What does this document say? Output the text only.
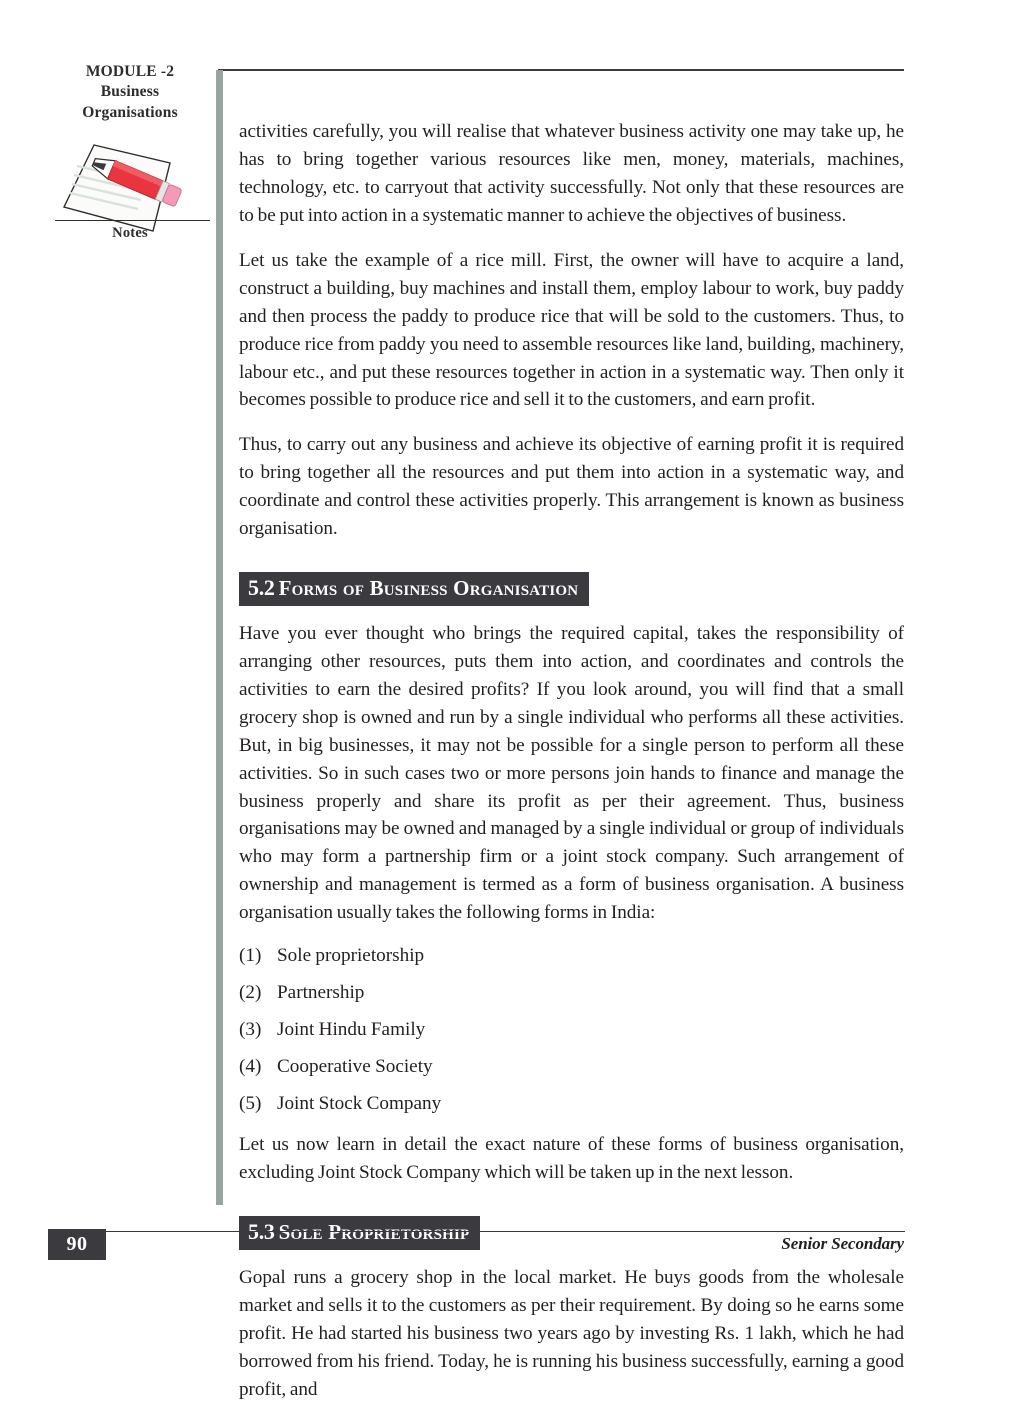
MODULE -2
Business
Organisations
Notes

activities carefully, you will realise that whatever business activity one may take up, he has to bring together various resources like men, money, materials, machines, technology, etc. to carryout that activity successfully. Not only that these resources are to be put into action in a systematic manner to achieve the objectives of business.

Let us take the example of a rice mill. First, the owner will have to acquire a land, construct a building, buy machines and install them, employ labour to work, buy paddy and then process the paddy to produce rice that will be sold to the customers. Thus, to produce rice from paddy you need to assemble resources like land, building, machinery, labour etc., and put these resources together in action in a systematic way. Then only it becomes possible to produce rice and sell it to the customers, and earn profit.

Thus, to carry out any business and achieve its objective of earning profit it is required to bring together all the resources and put them into action in a systematic way, and coordinate and control these activities properly. This arrangement is known as business organisation.

5.2 Forms of Business Organisation

Have you ever thought who brings the required capital, takes the responsibility of arranging other resources, puts them into action, and coordinates and controls the activities to earn the desired profits? If you look around, you will find that a small grocery shop is owned and run by a single individual who performs all these activities. But, in big businesses, it may not be possible for a single person to perform all these activities. So in such cases two or more persons join hands to finance and manage the business properly and share its profit as per their agreement. Thus, business organisations may be owned and managed by a single individual or group of individuals who may form a partnership firm or a joint stock company. Such arrangement of ownership and management is termed as a form of business organisation. A business organisation usually takes the following forms in India:

(1) Sole proprietorship
(2) Partnership
(3) Joint Hindu Family
(4) Cooperative Society
(5) Joint Stock Company

Let us now learn in detail the exact nature of these forms of business organisation, excluding Joint Stock Company which will be taken up in the next lesson.

5.3 Sole Proprietorship

Gopal runs a grocery shop in the local market. He buys goods from the wholesale market and sells it to the customers as per their requirement. By doing so he earns some profit. He had started his business two years ago by investing Rs. 1 lakh, which he had borrowed from his friend. Today, he is running his business successfully, earning a good profit, and

90	Senior Secondary
